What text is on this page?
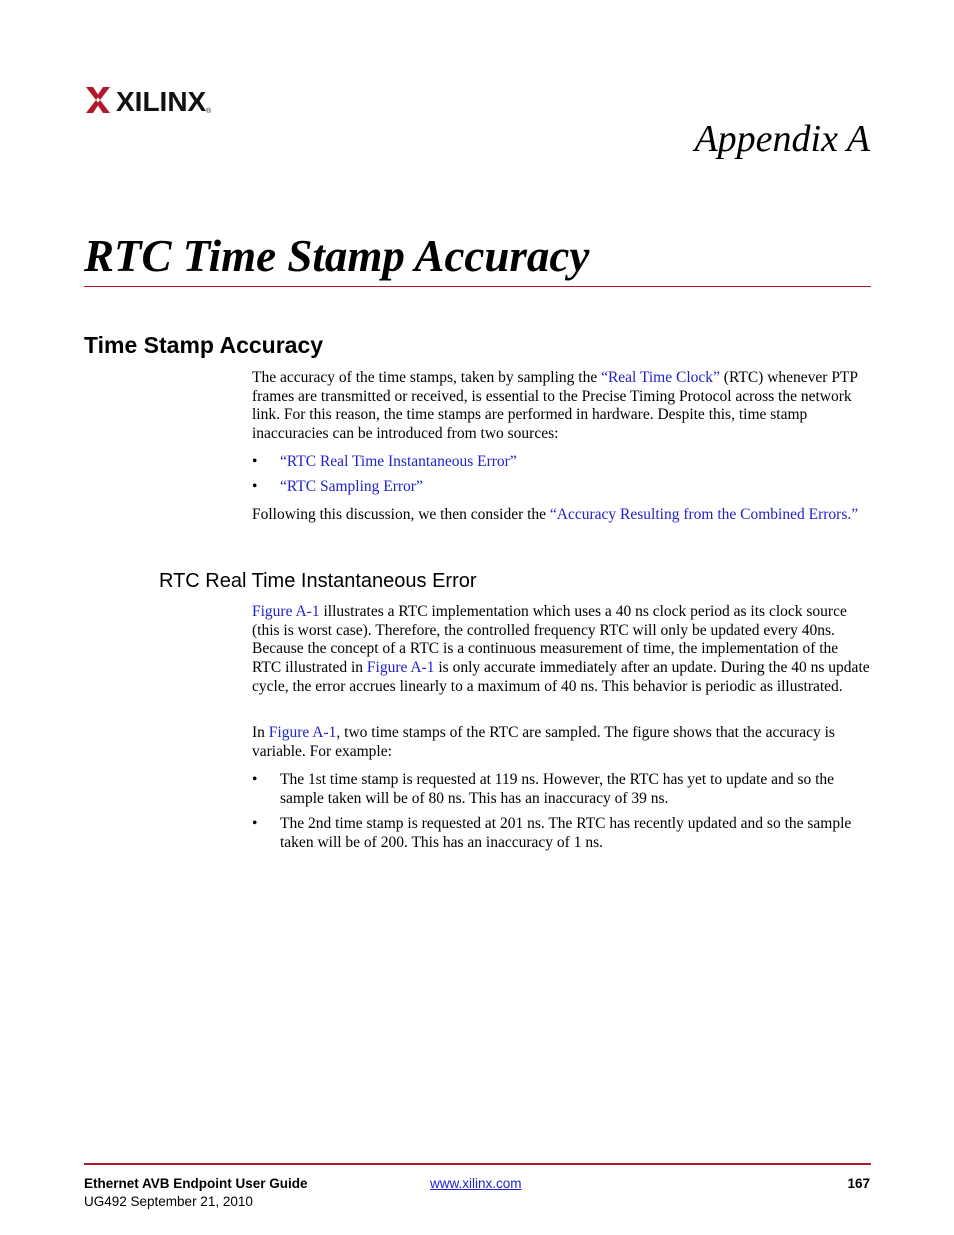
XILINX ®
Appendix A
RTC Time Stamp Accuracy
Time Stamp Accuracy

The accuracy of the time stamps, taken by sampling the “Real Time Clock” (RTC) whenever PTP frames are transmitted or received, is essential to the Precise Timing Protocol across the network link. For this reason, the time stamps are performed in hardware. Despite this, time stamp inaccuracies can be introduced from two sources:

•	“RTC Real Time Instantaneous Error”
•	“RTC Sampling Error”

Following this discussion, we then consider the “Accuracy Resulting from the Combined Errors.”

RTC Real Time Instantaneous Error

Figure A-1 illustrates a RTC implementation which uses a 40 ns clock period as its clock source (this is worst case). Therefore, the controlled frequency RTC will only be updated every 40ns. Because the concept of a RTC is a continuous measurement of time, the implementation of the RTC illustrated in Figure A-1 is only accurate immediately after an update. During the 40 ns update cycle, the error accrues linearly to a maximum of 40 ns. This behavior is periodic as illustrated.

In Figure A-1, two time stamps of the RTC are sampled. The figure shows that the accuracy is variable. For example:

•	The 1st time stamp is requested at 119 ns. However, the RTC has yet to update and so the sample taken will be of 80 ns. This has an inaccuracy of 39 ns.
•	The 2nd time stamp is requested at 201 ns. The RTC has recently updated and so the sample taken will be of 200. This has an inaccuracy of 1 ns.
Ethernet AVB Endpoint User Guide
UG492 September 21, 2010
www.xilinx.com	167
